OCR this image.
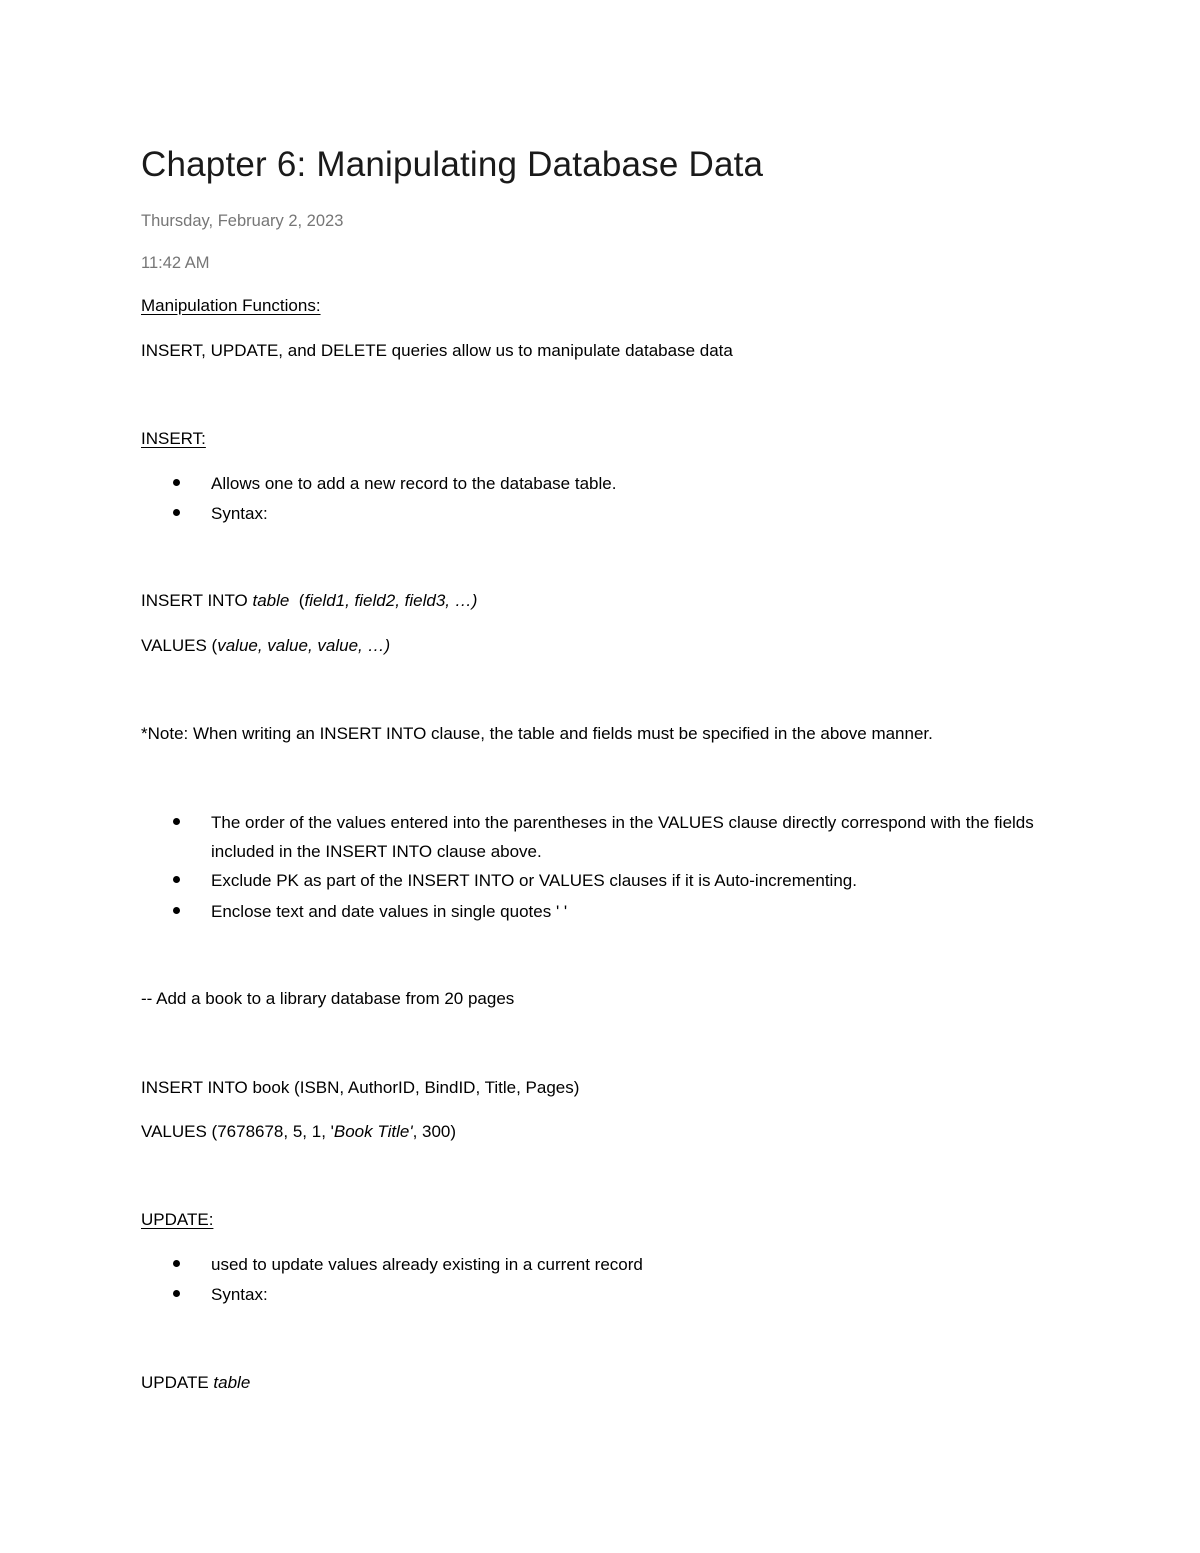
Chapter 6: Manipulating Database Data
Thursday, February 2, 2023
11:42 AM
Manipulation Functions:
INSERT, UPDATE, and DELETE queries allow us to manipulate database data
INSERT:
Allows one to add a new record to the database table.
Syntax:
INSERT INTO table  (field1, field2, field3, …)
VALUES (value, value, value, …)
*Note: When writing an INSERT INTO clause, the table and fields must be specified in the above manner.
The order of the values entered into the parentheses in the VALUES clause directly correspond with the fields included in the INSERT INTO clause above.
Exclude PK as part of the INSERT INTO or VALUES clauses if it is Auto-incrementing.
Enclose text and date values in single quotes ' '
-- Add a book to a library database from 20 pages
INSERT INTO book (ISBN, AuthorID, BindID, Title, Pages)
VALUES (7678678, 5, 1, 'Book Title', 300)
UPDATE:
used to update values already existing in a current record
Syntax:
UPDATE table
